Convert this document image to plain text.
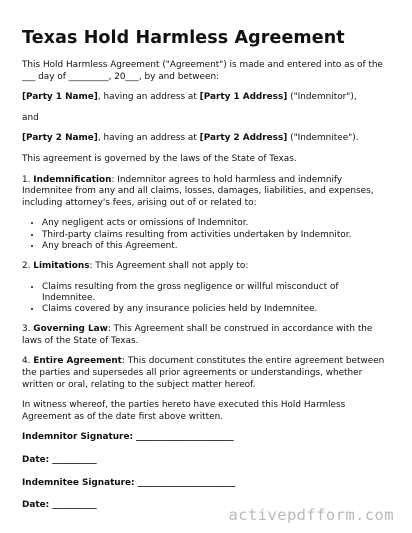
Texas Hold Harmless Agreement

This Hold Harmless Agreement ("Agreement") is made and entered into as of the ___ day of _________, 20___, by and between:

[Party 1 Name], having an address at [Party 1 Address] ("Indemnitor"),

and

[Party 2 Name], having an address at [Party 2 Address] ("Indemnitee").

This agreement is governed by the laws of the State of Texas.

1. Indemnification: Indemnitor agrees to hold harmless and indemnify Indemnitee from any and all claims, losses, damages, liabilities, and expenses, including attorney's fees, arising out of or related to:

• Any negligent acts or omissions of Indemnitor.
• Third-party claims resulting from activities undertaken by Indemnitor.
• Any breach of this Agreement.

2. Limitations: This Agreement shall not apply to:

• Claims resulting from the gross negligence or willful misconduct of Indemnitee.
• Claims covered by any insurance policies held by Indemnitee.

3. Governing Law: This Agreement shall be construed in accordance with the laws of the State of Texas.

4. Entire Agreement: This document constitutes the entire agreement between the parties and supersedes all prior agreements or understandings, whether written or oral, relating to the subject matter hereof.

In witness whereof, the parties hereto have executed this Hold Harmless Agreement as of the date first above written.

Indemnitor Signature: ______________________
Date: __________
Indemnitee Signature: ______________________
Date: __________
activepdfform.com
